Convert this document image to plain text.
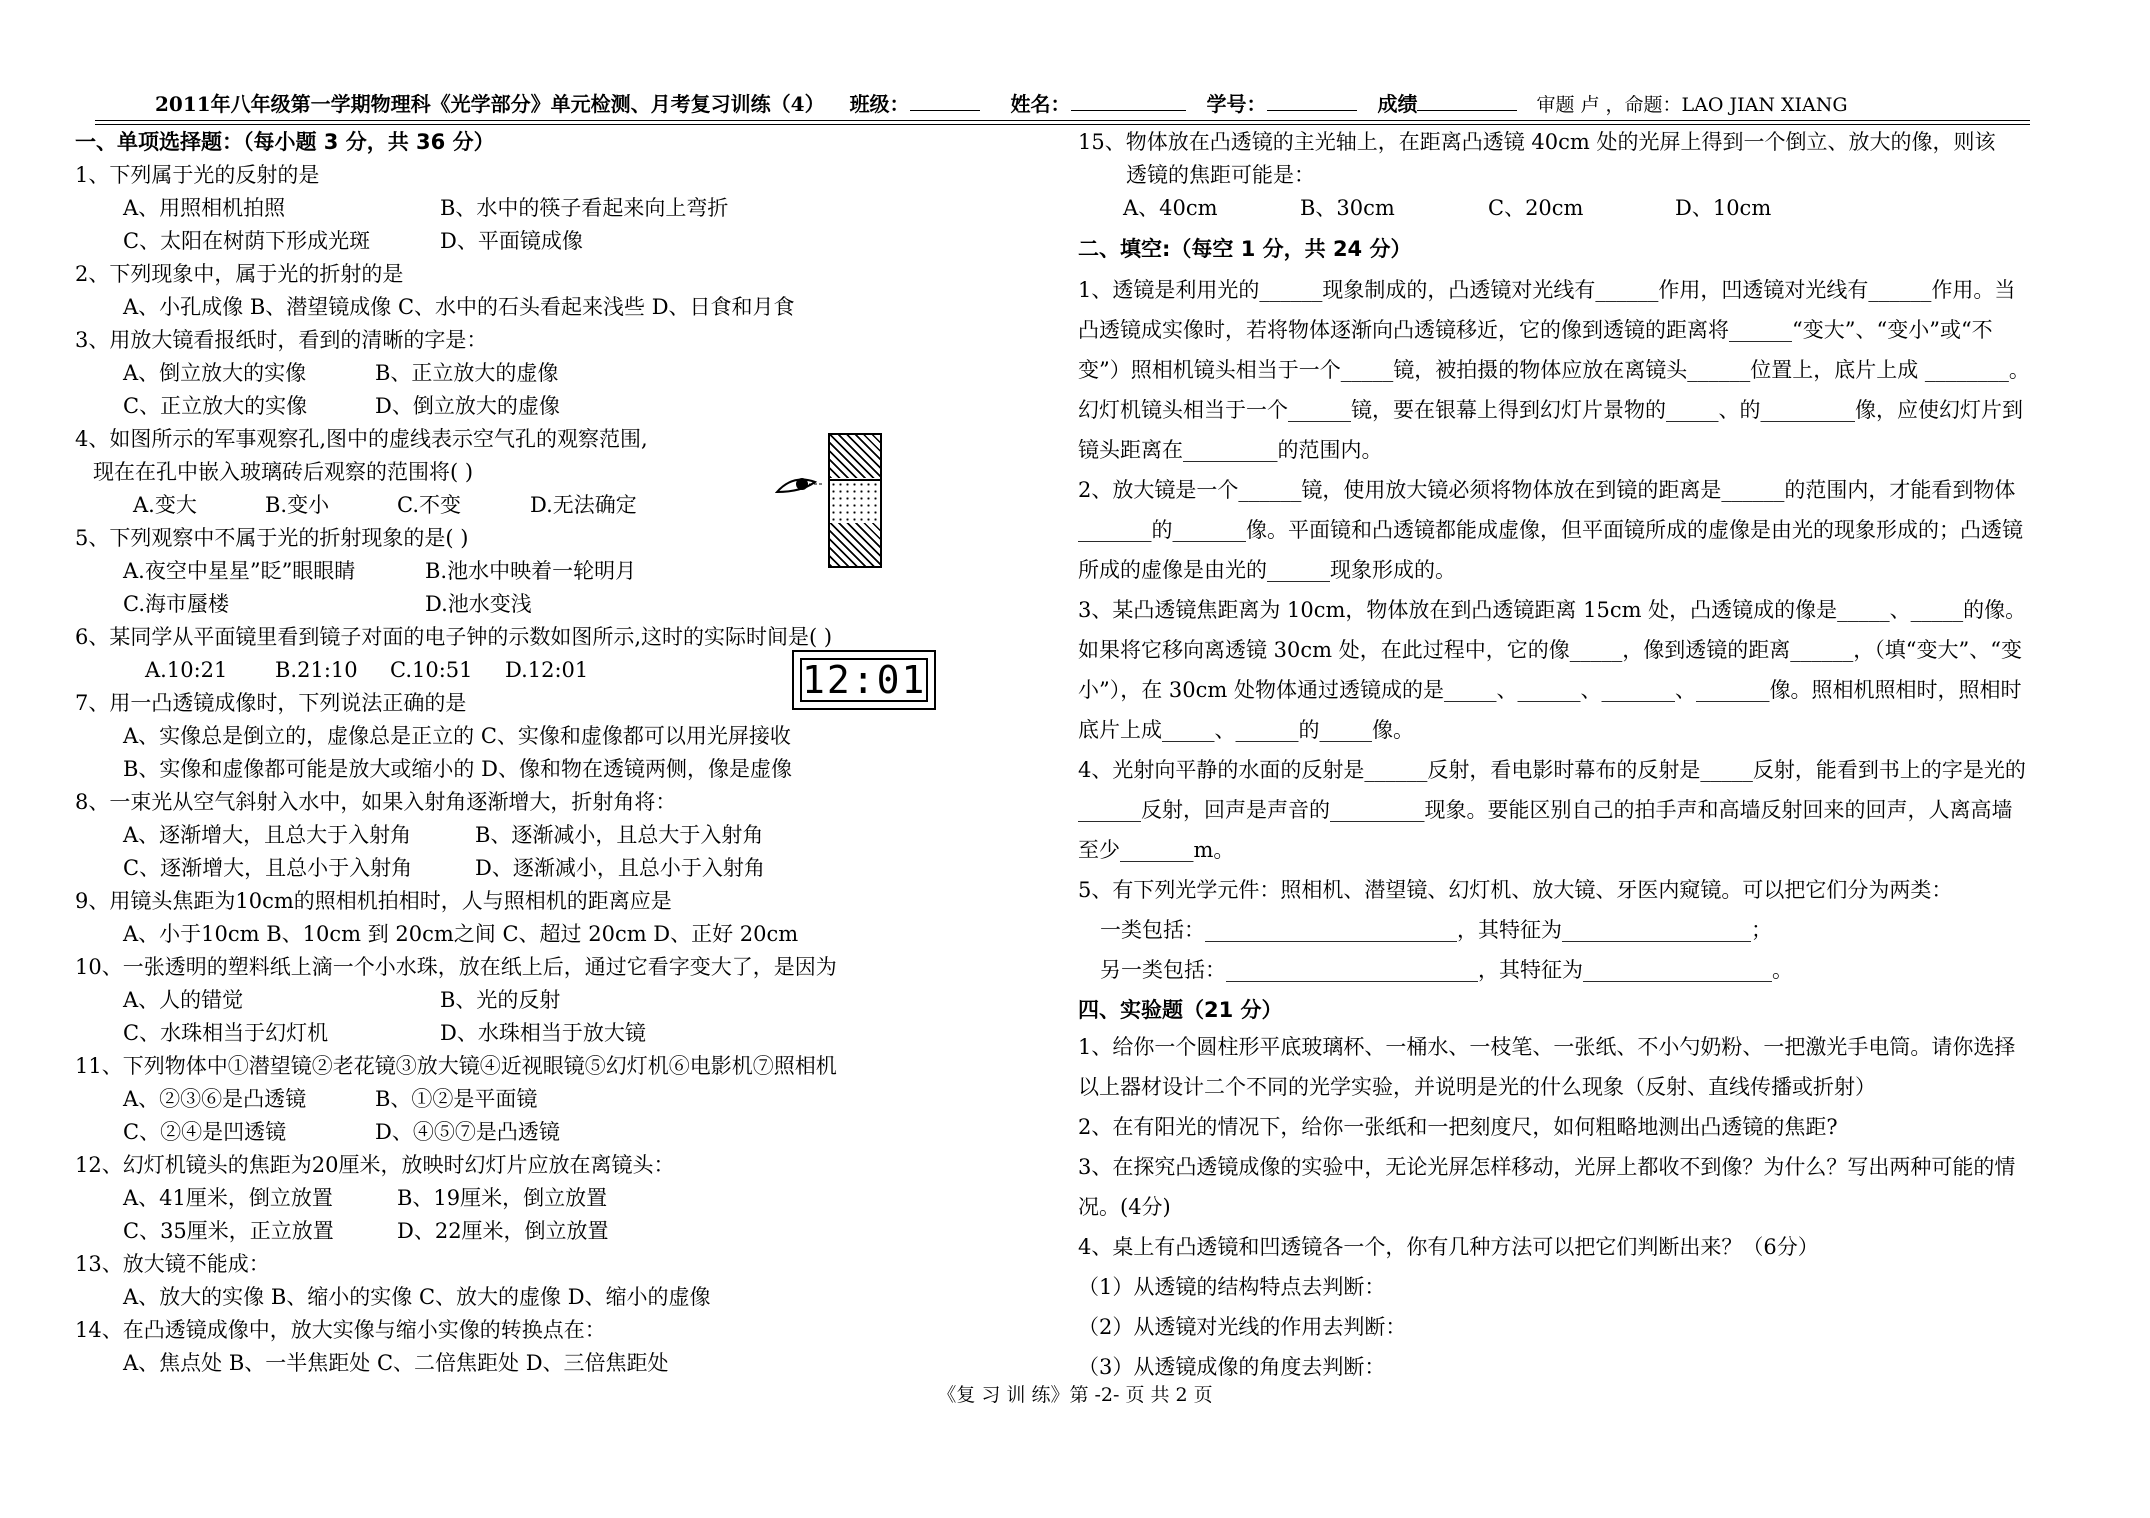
2011年八年级第一学期物理科《光学部分》单元检测、月考复习训练（4） 班级：	姓名：	学号：	成绩	审题 卢 ，命题：LAO JIAN XIANG
一、单项选择题：（每小题 3 分，共 36 分）
1、下列属于光的反射的是
A、用照相机拍照	B、水中的筷子看起来向上弯折
C、太阳在树荫下形成光斑	D、平面镜成像
2、下列现象中，属于光的折射的是
A、小孔成像 B、潜望镜成像 C、水中的石头看起来浅些 D、日食和月食
3、用放大镜看报纸时，看到的清晰的字是：
A、倒立放大的实像	B、正立放大的虚像
C、正立放大的实像	D、倒立放大的虚像
4、如图所示的军事观察孔,图中的虚线表示空气孔的观察范围,
现在在孔中嵌入玻璃砖后观察的范围将( )
A.变大	B.变小	C.不变	D.无法确定
5、下列观察中不属于光的折射现象的是( )
A.夜空中星星”眨”眼眼睛	B.池水中映着一轮明月
C.海市蜃楼	D.池水变浅
6、某同学从平面镜里看到镜子对面的电子钟的示数如图所示,这时的实际时间是( )
A.10:21 B.21:10 C.10:51 D.12:01
7、用一凸透镜成像时，下列说法正确的是
A、实像总是倒立的，虚像总是正立的 C、实像和虚像都可以用光屏接收
B、实像和虚像都可能是放大或缩小的 D、像和物在透镜两侧，像是虚像
8、一束光从空气斜射入水中，如果入射角逐渐增大，折射角将：
A、逐渐增大，且总大于入射角	B、逐渐减小，且总大于入射角
C、逐渐增大，且总小于入射角	D、逐渐减小，且总小于入射角
9、用镜头焦距为10cm的照相机拍相时，人与照相机的距离应是
A、小于10cm B、10cm 到 20cm之间 C、超过 20cm D、正好 20cm
10、一张透明的塑料纸上滴一个小水珠，放在纸上后，通过它看字变大了，是因为
A、人的错觉	B、光的反射
C、水珠相当于幻灯机	D、水珠相当于放大镜
11、下列物体中①潜望镜②老花镜③放大镜④近视眼镜⑤幻灯机⑥电影机⑦照相机
A、②③⑥是凸透镜	B、①②是平面镜
C、②④是凹透镜	D、④⑤⑦是凸透镜
12、幻灯机镜头的焦距为20厘米，放映时幻灯片应放在离镜头：
A、41厘米，倒立放置	B、19厘米，倒立放置
C、35厘米，正立放置	D、22厘米，倒立放置
13、放大镜不能成：
A、放大的实像 B、缩小的实像 C、放大的虚像 D、缩小的虚像
14、在凸透镜成像中，放大实像与缩小实像的转换点在：
A、焦点处 B、一半焦距处 C、二倍焦距处 D、三倍焦距处
12:01
15、物体放在凸透镜的主光轴上，在距离凸透镜 40cm 处的光屏上得到一个倒立、放大的像，则该
透镜的焦距可能是：
A、40cm	B、30cm	C、20cm	D、10cm
二、填空:（每空 1 分，共 24 分）
1、透镜是利用光的______现象制成的，凸透镜对光线有______作用，凹透镜对光线有______作用。当凸透镜成实像时，若将物体逐渐向凸透镜移近，它的像到透镜的距离将______“变大”、“变小”或“不变”）照相机镜头相当于一个_____镜，被拍摄的物体应放在离镜头______位置上，底片上成 ________。幻灯机镜头相当于一个______镜，要在银幕上得到幻灯片景物的_____、的_________像，应使幻灯片到镜头距离在_________的范围内。
2、放大镜是一个______镜，使用放大镜必须将物体放在到镜的距离是______的范围内，才能看到物体_______的_______像。平面镜和凸透镜都能成虚像，但平面镜所成的虚像是由光的现象形成的；凸透镜所成的虚像是由光的______现象形成的。
3、某凸透镜焦距离为 10cm，物体放在到凸透镜距离 15cm 处，凸透镜成的像是_____、_____的像。如果将它移向离透镜 30cm 处，在此过程中，它的像_____，像到透镜的距离______，（填“变大”、“变小”），在 30cm 处物体通过透镜成的是_____、______、_______、_______像。照相机照相时，照相时底片上成_____、______的_____像。
4、光射向平静的水面的反射是______反射，看电影时幕布的反射是_____反射，能看到书上的字是光的______反射，回声是声音的_________现象。要能区别自己的拍手声和高墙反射回来的回声，人离高墙至少_______m。
5、有下列光学元件：照相机、潜望镜、幻灯机、放大镜、牙医内窥镜。可以把它们分为两类：
一类包括：________________________，其特征为__________________；
另一类包括：________________________，其特征为__________________。
四、实验题（21 分）
1、给你一个圆柱形平底玻璃杯、一桶水、一枝笔、一张纸、不小勺奶粉、一把激光手电筒。请你选择以上器材设计二个不同的光学实验，并说明是光的什么现象（反射、直线传播或折射）
2、在有阳光的情况下，给你一张纸和一把刻度尺，如何粗略地测出凸透镜的焦距?
3、在探究凸透镜成像的实验中，无论光屏怎样移动，光屏上都收不到像？为什么？写出两种可能的情况。(4分)
4、桌上有凸透镜和凹透镜各一个，你有几种方法可以把它们判断出来？（6分）
（1）从透镜的结构特点去判断：
（2）从透镜对光线的作用去判断：
（3）从透镜成像的角度去判断：
《复 习 训 练》第 -2- 页 共 2 页
